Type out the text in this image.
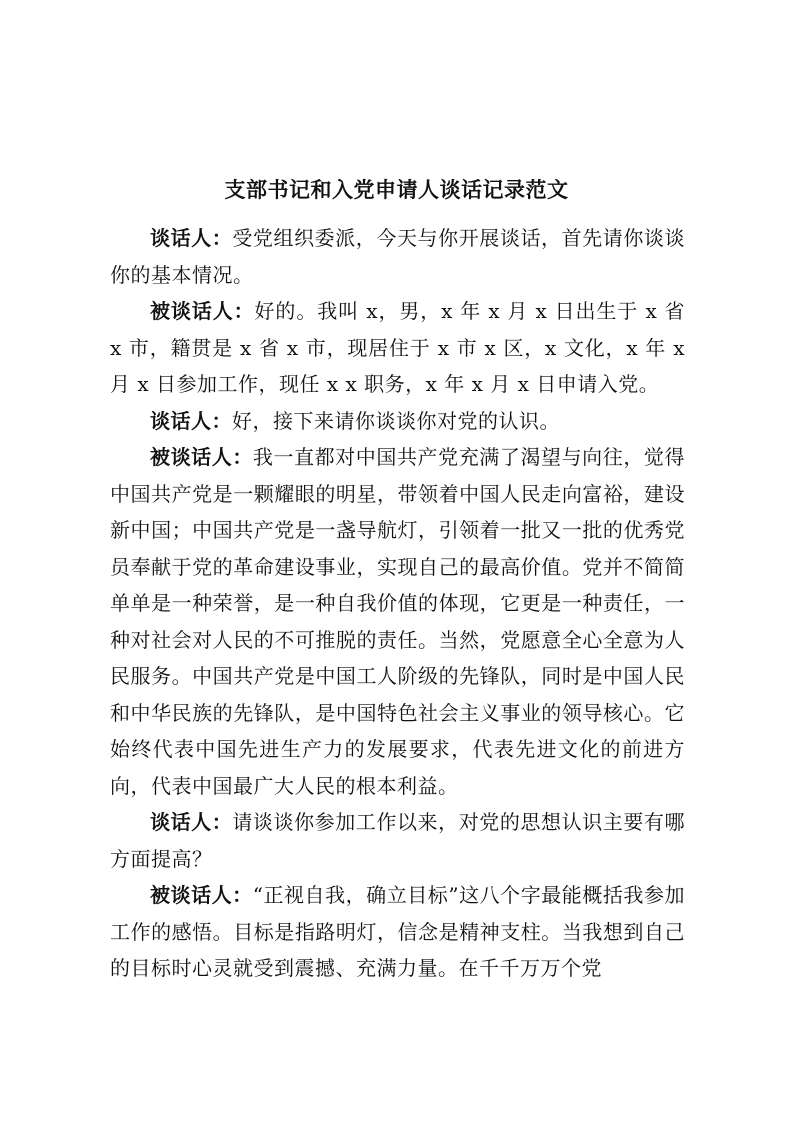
支部书记和入党申请人谈话记录范文

谈话人：受党组织委派，今天与你开展谈话，首先请你谈谈你的基本情况。

被谈话人：好的。我叫 x，男，x 年 x 月 x 日出生于 x 省 x 市，籍贯是 x 省 x 市，现居住于 x 市 x 区，x 文化，x 年 x 月 x 日参加工作，现任 x x 职务，x 年 x 月 x 日申请入党。

谈话人：好，接下来请你谈谈你对党的认识。

被谈话人：我一直都对中国共产党充满了渴望与向往，觉得中国共产党是一颗耀眼的明星，带领着中国人民走向富裕，建设新中国；中国共产党是一盏导航灯，引领着一批又一批的优秀党员奉献于党的革命建设事业，实现自己的最高价值。党并不简简单单是一种荣誉，是一种自我价值的体现，它更是一种责任，一种对社会对人民的不可推脱的责任。当然，党愿意全心全意为人民服务。中国共产党是中国工人阶级的先锋队，同时是中国人民和中华民族的先锋队，是中国特色社会主义事业的领导核心。它始终代表中国先进生产力的发展要求，代表先进文化的前进方向，代表中国最广大人民的根本利益。

谈话人：请谈谈你参加工作以来，对党的思想认识主要有哪方面提高？

被谈话人：“正视自我，确立目标”这八个字最能概括我参加工作的感悟。目标是指路明灯，信念是精神支柱。当我想到自己的目标时心灵就受到震撼、充满力量。在千千万万个党
